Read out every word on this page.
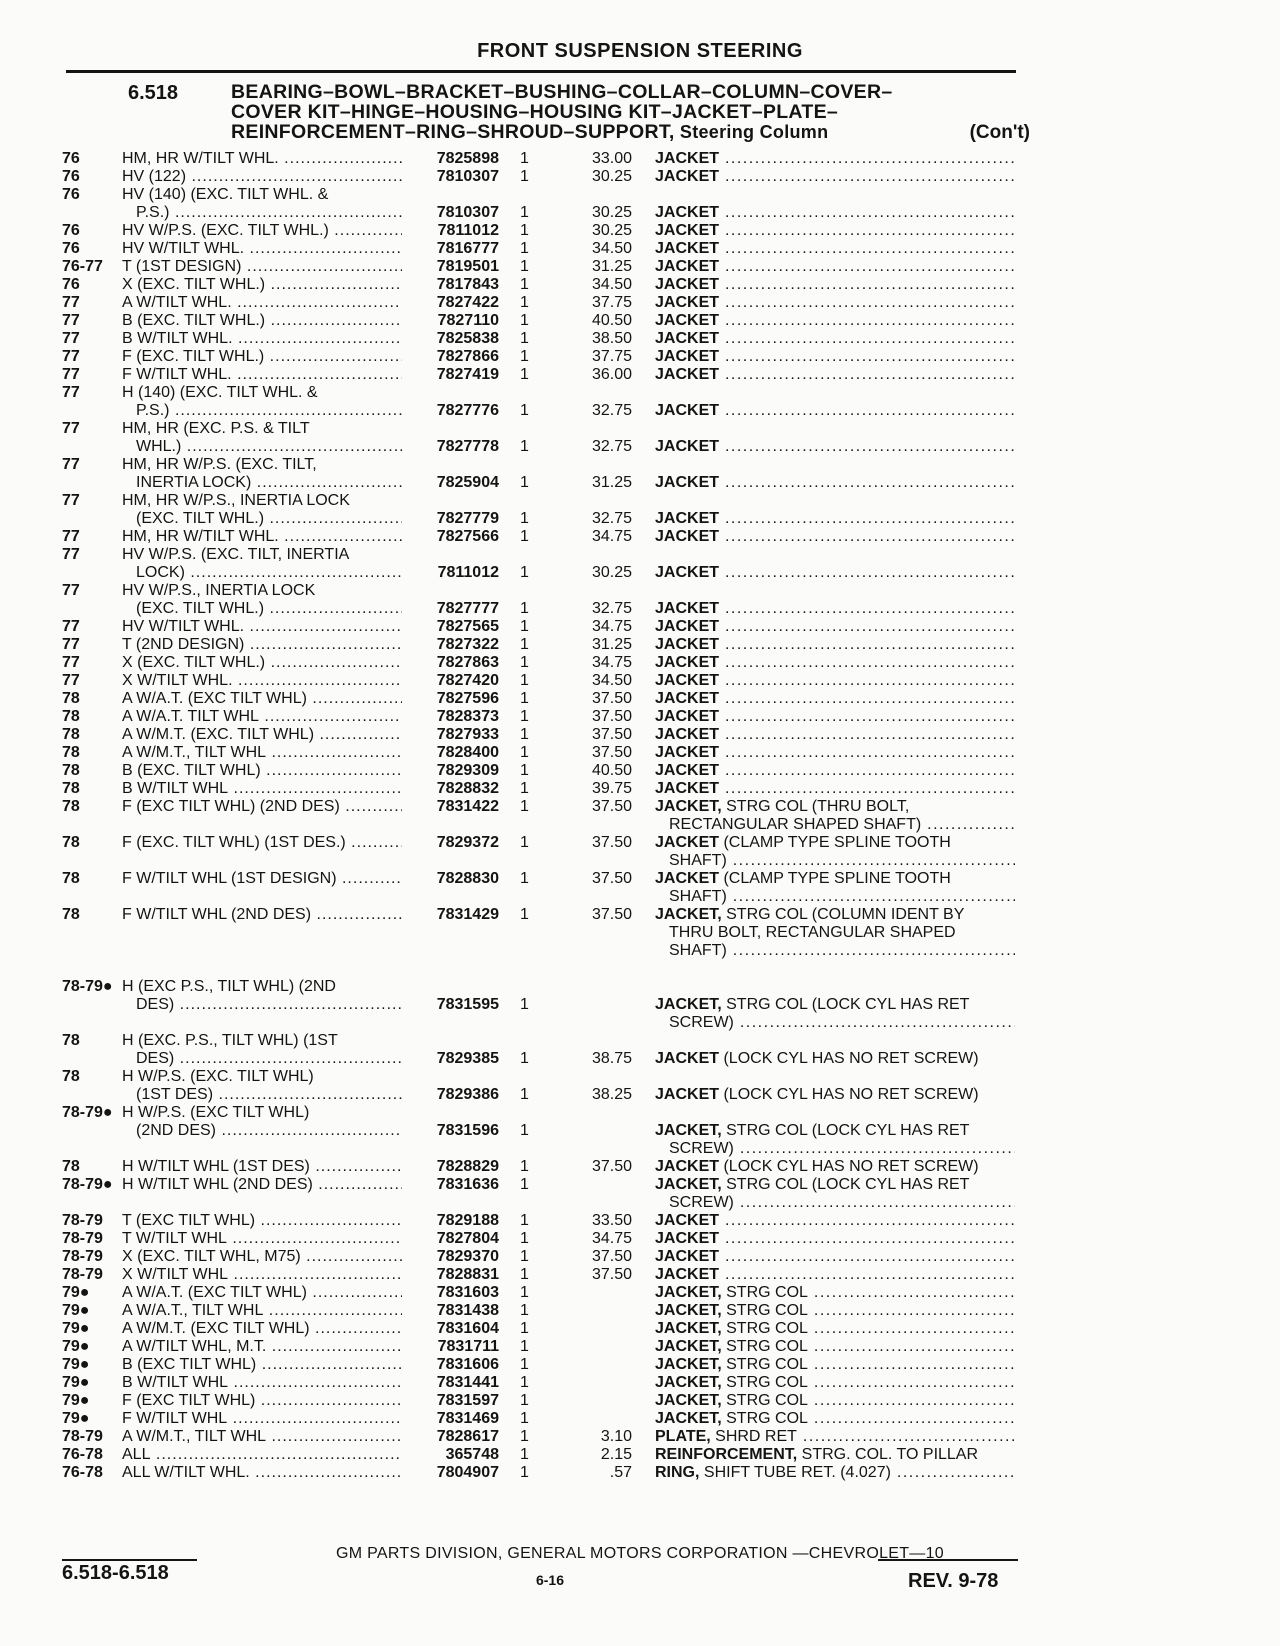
FRONT SUSPENSION STEERING
6.518	BEARING–BOWL–BRACKET–BUSHING–COLLAR–COLUMN–COVER–
COVER KIT–HINGE–HOUSING–HOUSING KIT–JACKET–PLATE–
REINFORCEMENT–RING–SHROUD–SUPPORT, Steering Column	(Con't)
76	HM, HR W/TILT WHL. .....	7825898 1	33.00 JACKET .....
76	HV (122) .....	7810307 1	30.25 JACKET .....
76	HV (140) (EXC. TILT WHL. &
P.S.) .....	7810307 1	30.25 JACKET .....
76	HV W/P.S. (EXC. TILT WHL.) .....	7811012 1	30.25 JACKET .....
76	HV W/TILT WHL. .....	7816777 1	34.50 JACKET .....
76-77 T (1ST DESIGN) .....	7819501 1	31.25 JACKET .....
76	X (EXC. TILT WHL.) .....	7817843 1	34.50 JACKET .....
77	A W/TILT WHL. .....	7827422 1	37.75 JACKET .....
77	B (EXC. TILT WHL.) .....	7827110 1	40.50 JACKET .....
77	B W/TILT WHL. .....	7825838 1	38.50 JACKET .....
77	F (EXC. TILT WHL.) .....	7827866 1	37.75 JACKET .....
77	F W/TILT WHL. .....	7827419 1	36.00 JACKET .....
77	H (140) (EXC. TILT WHL. &
P.S.) .....	7827776 1	32.75 JACKET .....
77	HM, HR (EXC. P.S. & TILT
WHL.) .....	7827778 1	32.75 JACKET .....
77	HM, HR W/P.S. (EXC. TILT,
INERTIA LOCK) .....	7825904 1	31.25 JACKET .....
77	HM, HR W/P.S., INERTIA LOCK
(EXC. TILT WHL.) .....	7827779 1	32.75 JACKET .....
77	HM, HR W/TILT WHL. .....	7827566 1	34.75 JACKET .....
77	HV W/P.S. (EXC. TILT, INERTIA
LOCK) .....	7811012 1	30.25 JACKET .....
77	HV W/P.S., INERTIA LOCK
(EXC. TILT WHL.) .....	7827777 1	32.75 JACKET .....
77	HV W/TILT WHL. .....	7827565 1	34.75 JACKET .....
77	T (2ND DESIGN) .....	7827322 1	31.25 JACKET .....
77	X (EXC. TILT WHL.) .....	7827863 1	34.75 JACKET .....
77	X W/TILT WHL. .....	7827420 1	34.50 JACKET .....
78	A W/A.T. (EXC TILT WHL) .....	7827596 1	37.50 JACKET .....
78	A W/A.T. TILT WHL .....	7828373 1	37.50 JACKET .....
78	A W/M.T. (EXC. TILT WHL) .....	7827933 1	37.50 JACKET .....
78	A W/M.T., TILT WHL .....	7828400 1	37.50 JACKET .....
78	B (EXC. TILT WHL) .....	7829309 1	40.50 JACKET .....
78	B W/TILT WHL .....	7828832 1	39.75 JACKET .....
78	F (EXC TILT WHL) (2ND DES) .....	7831422 1	37.50 JACKET, STRG COL (THRU BOLT,
RECTANGULAR SHAPED SHAFT) .....
78	F (EXC. TILT WHL) (1ST DES.) .....	7829372 1	37.50 JACKET (CLAMP TYPE SPLINE TOOTH
SHAFT) .....
78	F W/TILT WHL (1ST DESIGN) .....	7828830 1	37.50 JACKET (CLAMP TYPE SPLINE TOOTH
SHAFT) .....
78	F W/TILT WHL (2ND DES) .....	7831429 1	37.50 JACKET, STRG COL (COLUMN IDENT BY
THRU BOLT, RECTANGULAR SHAPED
SHAFT) .....
78-79● H (EXC P.S., TILT WHL) (2ND
DES) .....	7831595 1	JACKET, STRG COL (LOCK CYL HAS RET
SCREW) .....
78	H (EXC. P.S., TILT WHL) (1ST
DES) .....	7829385 1	38.75 JACKET (LOCK CYL HAS NO RET SCREW)
78	H W/P.S. (EXC. TILT WHL)
(1ST DES) .....	7829386 1	38.25 JACKET (LOCK CYL HAS NO RET SCREW)
78-79● H W/P.S. (EXC TILT WHL)
(2ND DES) .....	7831596 1	JACKET, STRG COL (LOCK CYL HAS RET
SCREW) .....
78	H W/TILT WHL (1ST DES) .....	7828829 1	37.50 JACKET (LOCK CYL HAS NO RET SCREW)
78-79● H W/TILT WHL (2ND DES) .....	7831636 1	JACKET, STRG COL (LOCK CYL HAS RET
SCREW) .....
78-79 T (EXC TILT WHL) .....	7829188 1	33.50 JACKET .....
78-79 T W/TILT WHL .....	7827804 1	34.75 JACKET .....
78-79 X (EXC. TILT WHL, M75) .....	7829370 1	37.50 JACKET .....
78-79 X W/TILT WHL .....	7828831 1	37.50 JACKET .....
79● A W/A.T. (EXC TILT WHL) .....	7831603 1	JACKET, STRG COL .....
79● A W/A.T., TILT WHL .....	7831438 1	JACKET, STRG COL .....
79● A W/M.T. (EXC TILT WHL) .....	7831604 1	JACKET, STRG COL .....
79● A W/TILT WHL, M.T. .....	7831711 1	JACKET, STRG COL .....
79● B (EXC TILT WHL) .....	7831606 1	JACKET, STRG COL .....
79● B W/TILT WHL .....	7831441 1	JACKET, STRG COL .....
79● F (EXC TILT WHL) .....	7831597 1	JACKET, STRG COL .....
79● F W/TILT WHL .....	7831469 1	JACKET, STRG COL .....
78-79 A W/M.T., TILT WHL .....	7828617 1	3.10 PLATE, SHRD RET .....
76-78 ALL .....	365748 1	2.15 REINFORCEMENT, STRG. COL. TO PILLAR
76-78 ALL W/TILT WHL. .....	7804907 1	.57 RING, SHIFT TUBE RET. (4.027) .....
GM PARTS DIVISION, GENERAL MOTORS CORPORATION —CHEVROLET—10
6.518-6.518	6-16	REV. 9-78
